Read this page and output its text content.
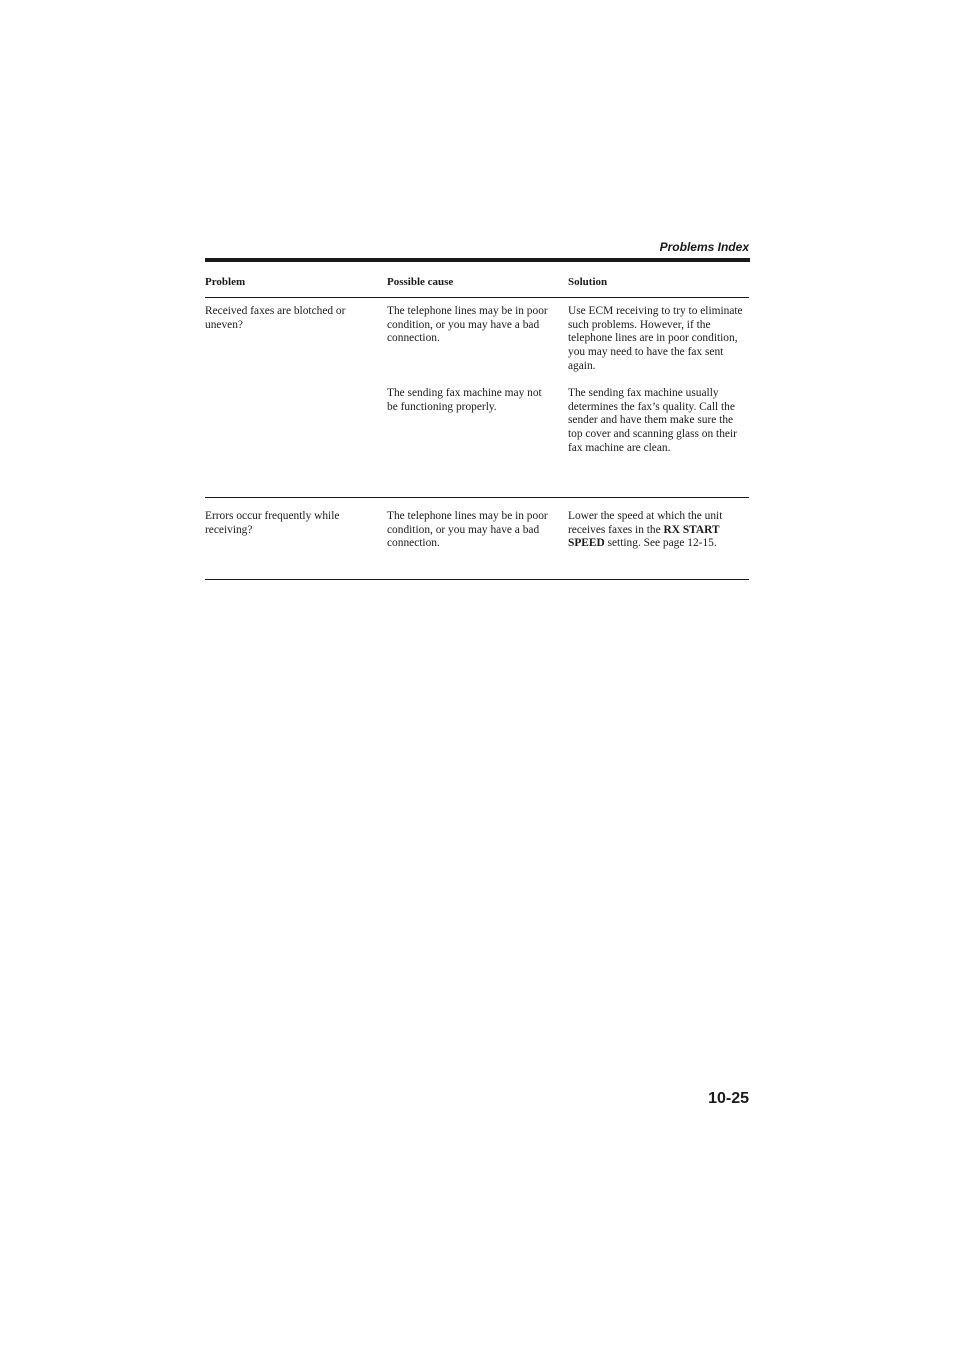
Problems Index
Problem	Possible cause	Solution
Received faxes are blotched or uneven?
The telephone lines may be in poor condition, or you may have a bad connection.
Use ECM receiving to try to eliminate such problems. However, if the telephone lines are in poor condition, you may need to have the fax sent again.
The sending fax machine may not be functioning properly.
The sending fax machine usually determines the fax’s quality. Call the sender and have them make sure the top cover and scanning glass on their fax machine are clean.
Errors occur frequently while receiving?
The telephone lines may be in poor condition, or you may have a bad connection.
Lower the speed at which the unit receives faxes in the RX START SPEED setting. See page 12-15.
10-25
